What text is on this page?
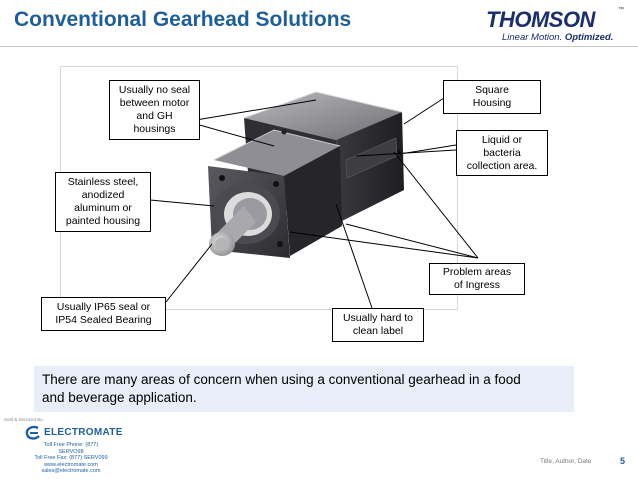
Conventional Gearhead Solutions	THOMSON	™
Linear Motion. Optimized.
Usually no seal
between motor
and GH
housings
Square
Housing
Liquid or
bacteria
collection area.
Stainless steel,
anodized
aluminum or
painted housing
Problem areas
of Ingress
Usually IP65 seal or
IP54 Sealed Bearing	Usually hard to
clean label
There are many areas of concern when using a conventional gearhead in a food
and beverage application.
Sold & Serviced By:
ELECTROMATE
Toll Free Phone: (877) SERVO98
Toll Free Fax: (877) SERV099
www.electromate.com
sales@electromate.com
Title, Author, Date	5
